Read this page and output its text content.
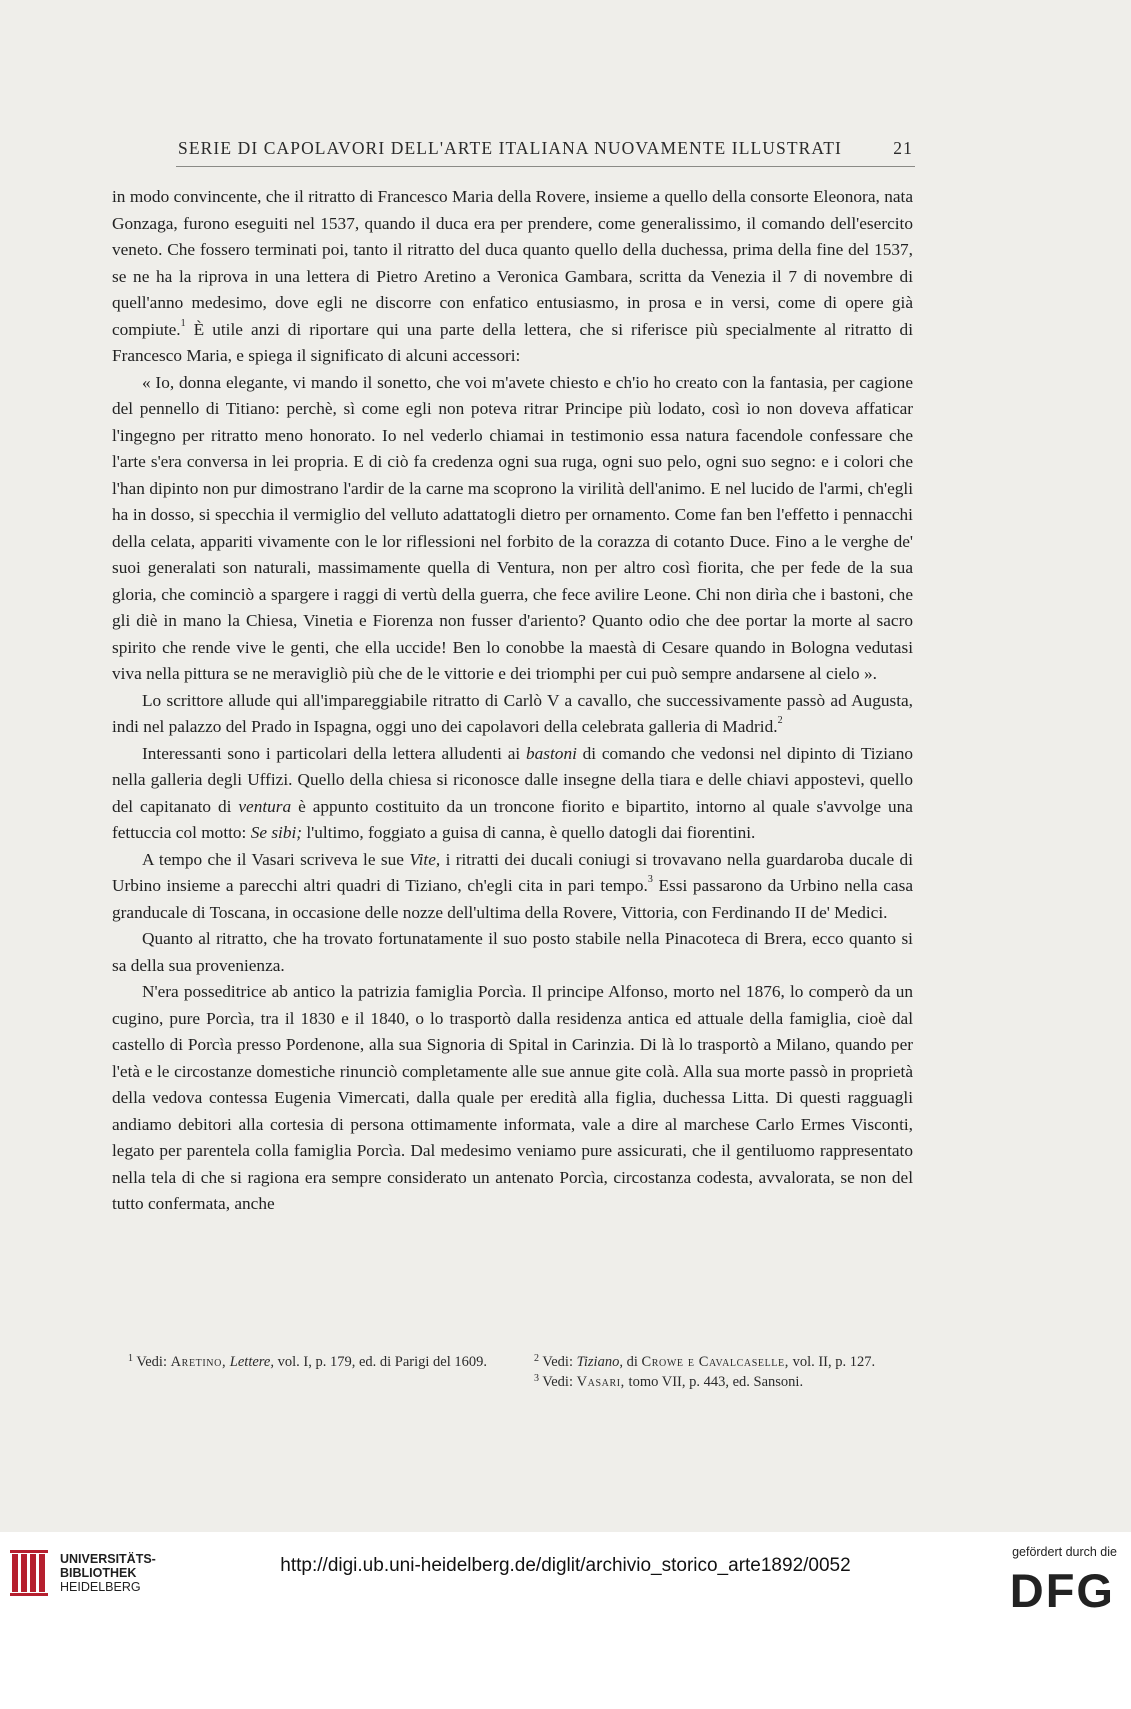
SERIE DI CAPOLAVORI DELL'ARTE ITALIANA NUOVAMENTE ILLUSTRATI	21

in modo convincente, che il ritratto di Francesco Maria della Rovere, insieme a quello della consorte Eleonora, nata Gonzaga, furono eseguiti nel 1537, quando il duca era per prendere, come generalissimo, il comando dell'esercito veneto. Che fossero terminati poi, tanto il ritratto del duca quanto quello della duchessa, prima della fine del 1537, se ne ha la riprova in una lettera di Pietro Aretino a Veronica Gambara, scritta da Venezia il 7 di novembre di quell'anno medesimo, dove egli ne discorre con enfatico entusiasmo, in prosa e in versi, come di opere già compiute.$^1$ È utile anzi di riportare qui una parte della lettera, che si riferisce più specialmente al ritratto di Francesco Maria, e spiega il significato di alcuni accessori:

« Io, donna elegante, vi mando il sonetto, che voi m'avete chiesto e ch'io ho creato con la fantasia, per cagione del pennello di Titiano: perchè, sì come egli non poteva ritrar Principe più lodato, così io non doveva affaticar l'ingegno per ritratto meno honorato. Io nel vederlo chiamai in testimonio essa natura facendole confessare che l'arte s'era conversa in lei propria. E di ciò fa credenza ogni sua ruga, ogni suo pelo, ogni suo segno: e i colori che l'han dipinto non pur dimostrano l'ardir de la carne ma scoprono la virilità dell'animo. E nel lucido de l'armi, ch'egli ha in dosso, si specchia il vermiglio del velluto adattatogli dietro per ornamento. Come fan ben l'effetto i pennacchi della celata, appariti vivamente con le lor riflessioni nel forbito de la corazza di cotanto Duce. Fino a le verghe de' suoi generalati son naturali, massimamente quella di Ventura, non per altro così fiorita, che per fede de la sua gloria, che cominciò a spargere i raggi di vertù della guerra, che fece avilire Leone. Chi non dirìa che i bastoni, che gli diè in mano la Chiesa, Vinetia e Fiorenza non fusser d'ariento? Quanto odio che dee portar la morte al sacro spirito che rende vive le genti, che ella uccide! Ben lo conobbe la maestà di Cesare quando in Bologna vedutasi viva nella pittura se ne meravigliò più che de le vittorie e dei triomphi per cui può sempre andarsene al cielo ».

Lo scrittore allude qui all'impareggiabile ritratto di Carlò V a cavallo, che successivamente passò ad Augusta, indi nel palazzo del Prado in Ispagna, oggi uno dei capolavori della celebrata galleria di Madrid.$^2$

Interessanti sono i particolari della lettera alludenti ai bastoni di comando che vedonsi nel dipinto di Tiziano nella galleria degli Uffizi. Quello della chiesa si riconosce dalle insegne della tiara e delle chiavi appostevi, quello del capitanato di ventura è appunto costituito da un troncone fiorito e bipartito, intorno al quale s'avvolge una fettuccia col motto: Se sibi; l'ultimo, foggiato a guisa di canna, è quello datogli dai fiorentini.

A tempo che il Vasari scriveva le sue Vite, i ritratti dei ducali coniugi si trovavano nella guardaroba ducale di Urbino insieme a parecchi altri quadri di Tiziano, ch'egli cita in pari tempo.$^3$ Essi passarono da Urbino nella casa granducale di Toscana, in occasione delle nozze dell'ultima della Rovere, Vittoria, con Ferdinando II de' Medici.

Quanto al ritratto, che ha trovato fortunatamente il suo posto stabile nella Pinacoteca di Brera, ecco quanto si sa della sua provenienza.

N'era posseditrice ab antico la patrizia famiglia Porcìa. Il principe Alfonso, morto nel 1876, lo comperò da un cugino, pure Porcìa, tra il 1830 e il 1840, o lo trasportò dalla residenza antica ed attuale della famiglia, cioè dal castello di Porcìa presso Pordenone, alla sua Signoria di Spital in Carinzia. Di là lo trasportò a Milano, quando per l'età e le circostanze domestiche rinunciò completamente alle sue annue gite colà. Alla sua morte passò in proprietà della vedova contessa Eugenia Vimercati, dalla quale per eredità alla figlia, duchessa Litta. Di questi ragguagli andiamo debitori alla cortesia di persona ottimamente informata, vale a dire al marchese Carlo Ermes Visconti, legato per parentela colla famiglia Porcìa. Dal medesimo veniamo pure assicurati, che il gentiluomo rappresentato nella tela di che si ragiona era sempre considerato un antenato Porcìa, circostanza codesta, avvalorata, se non del tutto confermata, anche

$^1$ Vedi: Aretino, Lettere, vol. I, p. 179, ed. di Parigi del 1609.	$^2$ Vedi: Tiziano, di Crowe e Cavalcaselle, vol. II, p. 127.

$^3$ Vedi: Vasari, tomo VII, p. 443, ed. Sansoni.

UNIVERSITÄTS-
BIBLIOTHEK
HEIDELBERG
http://digi.ub.uni-heidelberg.de/diglit/archivio_storico_arte1892/0052
gefördert durch die
DFG
